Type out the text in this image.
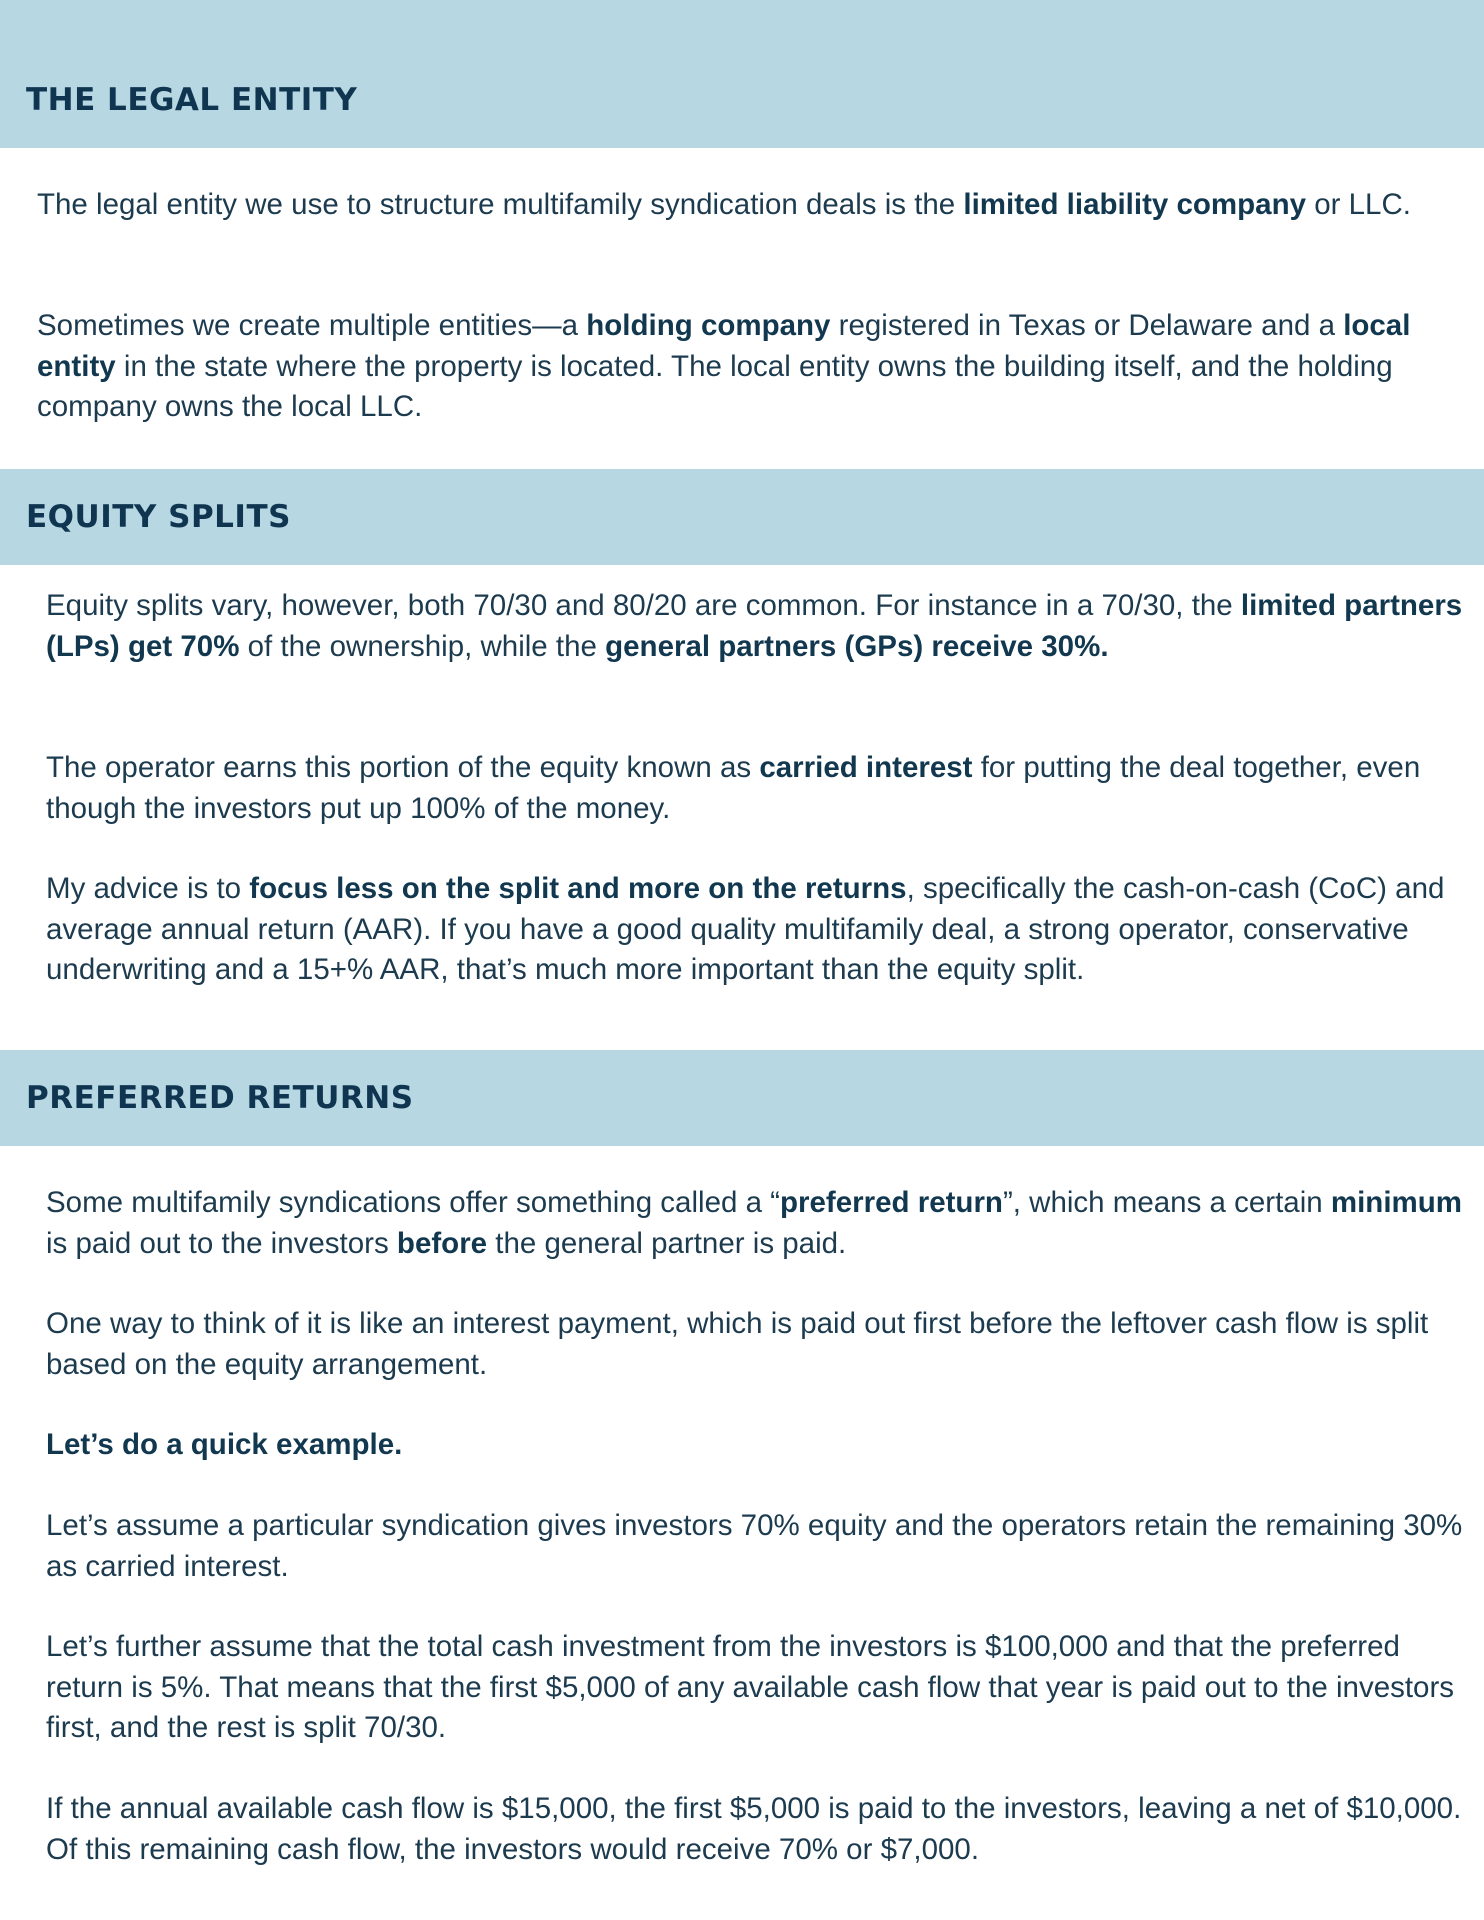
THE LEGAL ENTITY

The legal entity we use to structure multifamily syndication deals is the limited liability company or LLC.

Sometimes we create multiple entities—a holding company registered in Texas or Delaware and a local entity in the state where the property is located. The local entity owns the building itself, and the holding company owns the local LLC.

EQUITY SPLITS

Equity splits vary, however, both 70/30 and 80/20 are common. For instance in a 70/30, the limited partners (LPs) get 70% of the ownership, while the general partners (GPs) receive 30%.

The operator earns this portion of the equity known as carried interest for putting the deal together, even though the investors put up 100% of the money.

My advice is to focus less on the split and more on the returns, specifically the cash-on-cash (CoC) and average annual return (AAR). If you have a good quality multifamily deal, a strong operator, conservative underwriting and a 15+% AAR, that’s much more important than the equity split.

PREFERRED RETURNS

Some multifamily syndications offer something called a “preferred return”, which means a certain minimum is paid out to the investors before the general partner is paid.

One way to think of it is like an interest payment, which is paid out first before the leftover cash flow is split based on the equity arrangement.

Let’s do a quick example.

Let’s assume a particular syndication gives investors 70% equity and the operators retain the remaining 30% as carried interest.

Let’s further assume that the total cash investment from the investors is $100,000 and that the preferred return is 5%. That means that the first $5,000 of any available cash flow that year is paid out to the investors first, and the rest is split 70/30.

If the annual available cash flow is $15,000, the first $5,000 is paid to the investors, leaving a net of $10,000. Of this remaining cash flow, the investors would receive 70% or $7,000.
